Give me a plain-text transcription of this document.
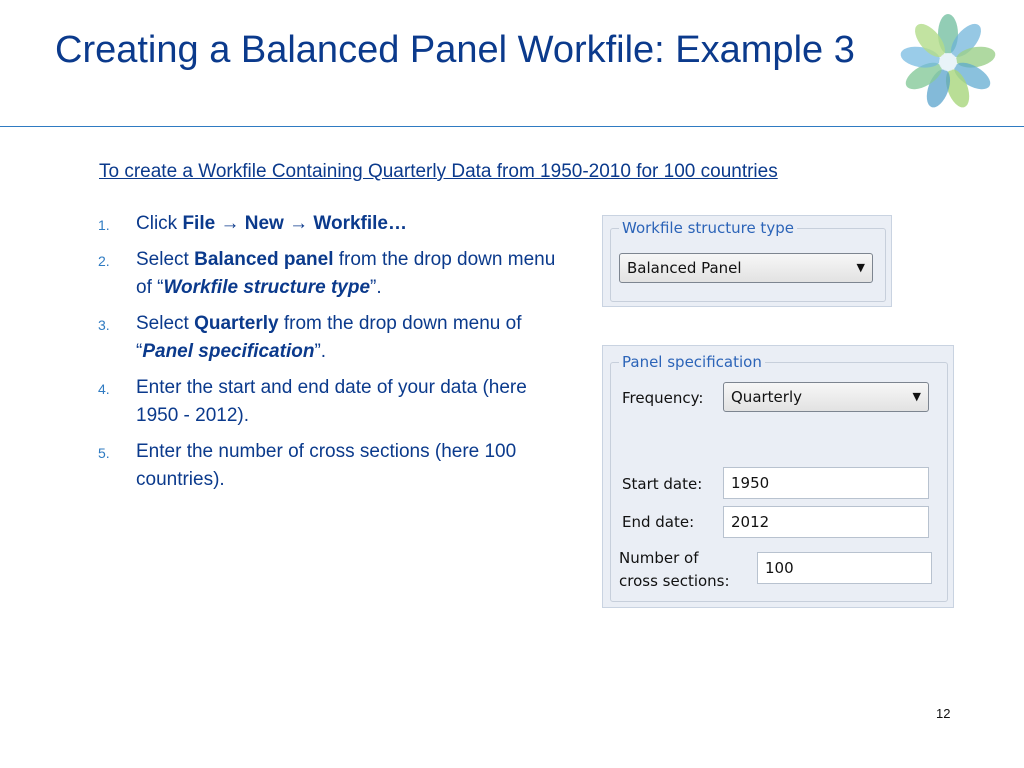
Creating a Balanced Panel Workfile: Example 3
To create a Workfile Containing Quarterly Data from 1950-2010 for 100 countries
1 . Click File → New → Workfile…
2 . Select Balanced panel from the drop down menu of “Workfile structure type”.
3 . Select Quarterly from the drop down menu of “Panel specification”.
4 . Enter the start and end date of your data (here 1950 - 2012).
5 . Enter the number of cross sections (here 100 countries).
Workfile structure type
Balanced Panel	▼
Panel specification
Frequency:	Quarterly	▼
Start date:	1950
End date:	2012
Number of
cross sections:
100
12
